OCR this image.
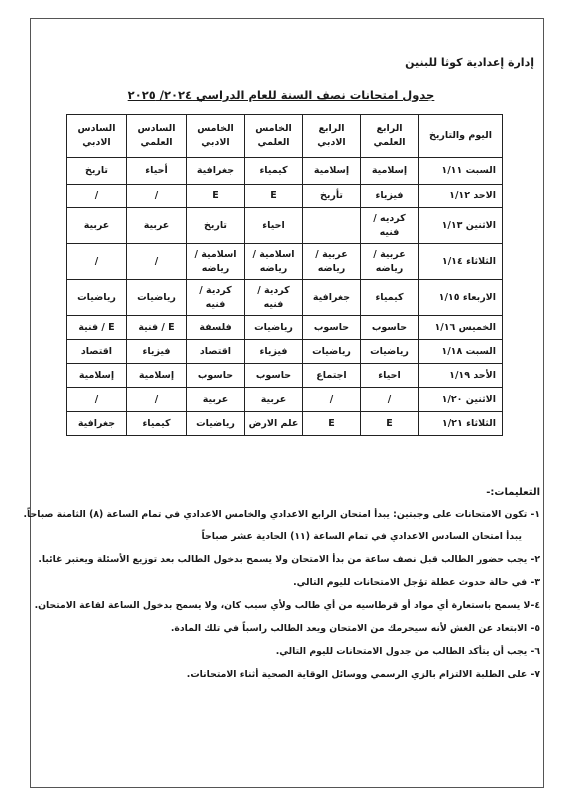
إدارة إعدادية كوثا للبنين
جدول امتحانات نصف السنة للعام الدراسي ٢٠٢٤/ ٢٠٢٥
اليوم والتاريخ	الرابع العلمي	الرابع الادبي	الخامس العلمي	الخامس الادبي	السادس العلمي	السادس الادبي
السبت ١/١١	إسلامية	إسلامية	كيمياء	جغرافية	أحياء	تاريخ
الاحد ١/١٢	فيزياء	تأريخ	E	E	/	/
الاثنين ١/١٣	كرديه / فنيه		احياء	تاريخ	عربية	عربية
الثلاثاء ١/١٤	عربية / رياضه	عربية / رياضه	اسلامية / رياضه	اسلامية / رياضه	/	/
الاربعاء ١/١٥	كيمياء	جغرافية	كردية / فنيه	كردية / فنيه	رياضيات	رياضيات
الخميس ١/١٦	حاسوب	حاسوب	رياضيات	فلسفة	E / فنية	E / فنية
السبت ١/١٨	رياضيات	رياضيات	فيزياء	اقتصاد	فيزياء	اقتصاد
الأحد ١/١٩	احياء	اجتماع	حاسوب	حاسوب	إسلامية	إسلامية
الاثنين ١/٢٠	/	/	عربية	عربية	/	/
الثلاثاء ١/٢١	E	E	علم الارض	رياضيات	كيمياء	جغرافية
التعليمات:-
١- تكون الامتحانات على وجبتين: يبدأ امتحان الرابع الاعدادي والخامس الاعدادي في تمام الساعة (٨) الثامنة صباحاً.
يبدأ امتحان السادس الاعدادي في تمام الساعة (١١) الحادية عشر صباحاً
٢- يجب حضور الطالب قبل نصف ساعة من بدأ الامتحان ولا يسمح بدخول الطالب بعد توزيع الأسئلة ويعتبر غائبا.
٣- في حالة حدوث عطلة تؤجل الامتحانات لليوم التالي.
٤-لا يسمح باستعارة أي مواد أو قرطاسيه من أي طالب ولأي سبب كان، ولا يسمح بدخول الساعة لقاعة الامتحان.
٥- الابتعاد عن الغش لأنه سيحرمك من الامتحان ويعد الطالب راسباً في تلك المادة.
٦- يجب أن يتأكد الطالب من جدول الامتحانات لليوم التالي.
٧- على الطلبة الالتزام بالزي الرسمي ووسائل الوقاية الصحية أثناء الامتحانات.
